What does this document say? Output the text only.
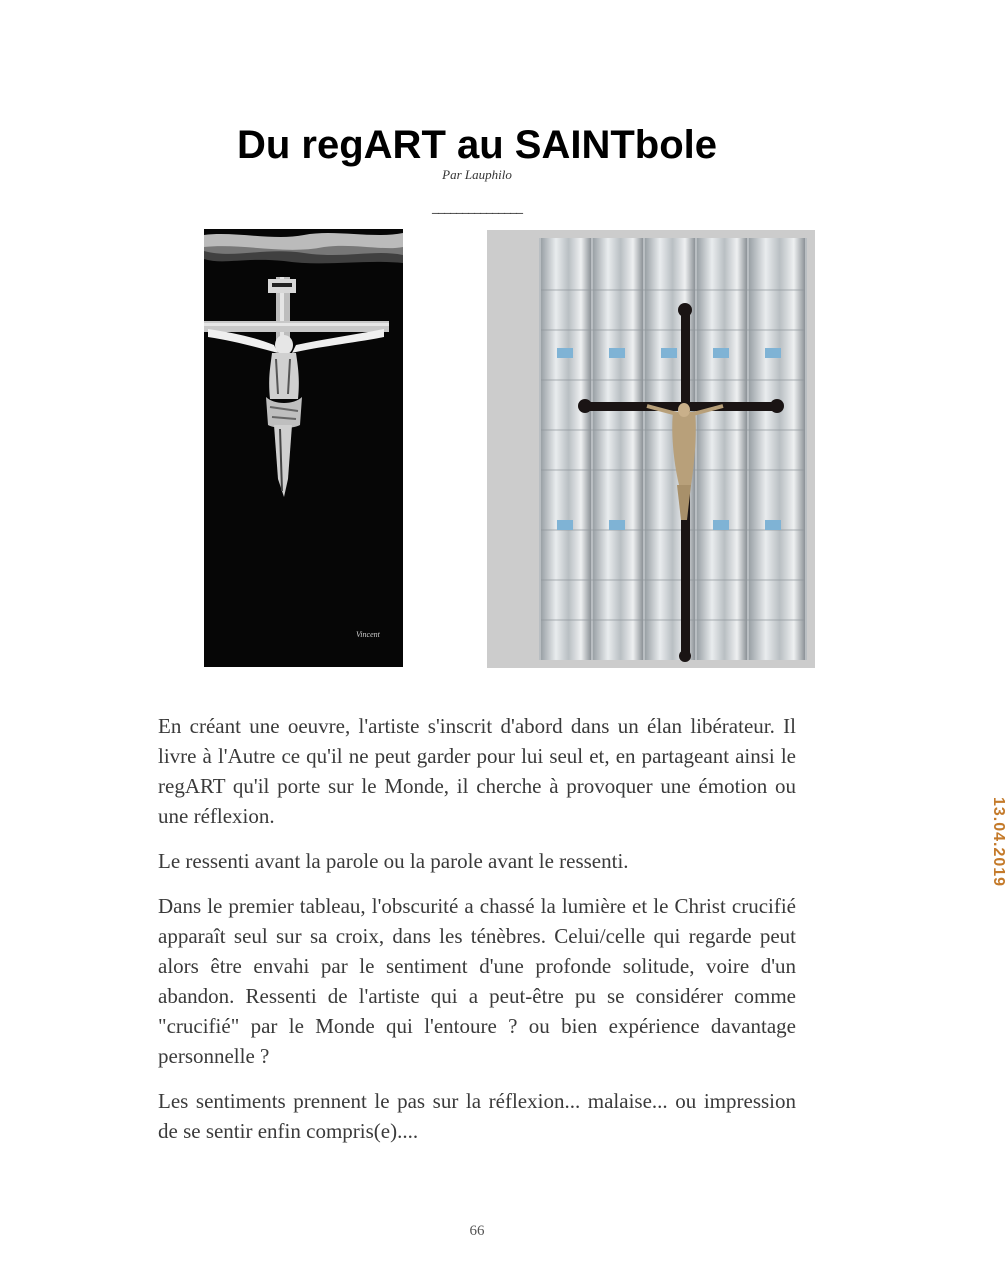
Du regART au SAINTbole
Par Lauphilo
_______________
Vincent
13.04.2019

En créant une oeuvre, l'artiste s'inscrit d'abord dans un élan libérateur. Il livre à l'Autre ce qu'il ne peut garder pour lui seul et, en partageant ainsi le regART qu'il porte sur le Monde, il cherche à provoquer une émotion ou une réflexion.

Le ressenti avant la parole ou la parole avant le ressenti.

Dans le premier tableau, l'obscurité a chassé la lumière et le Christ crucifié apparaît seul sur sa croix, dans les ténèbres. Celui/celle qui regarde peut alors être envahi par le sentiment d'une profonde solitude, voire d'un abandon. Ressenti de l'artiste qui a peut-être pu se considérer comme "crucifié" par le Monde qui l'entoure ? ou bien expérience davantage personnelle ?

Les sentiments prennent le pas sur la réflexion... malaise... ou impression de se sentir enfin compris(e)....

66
